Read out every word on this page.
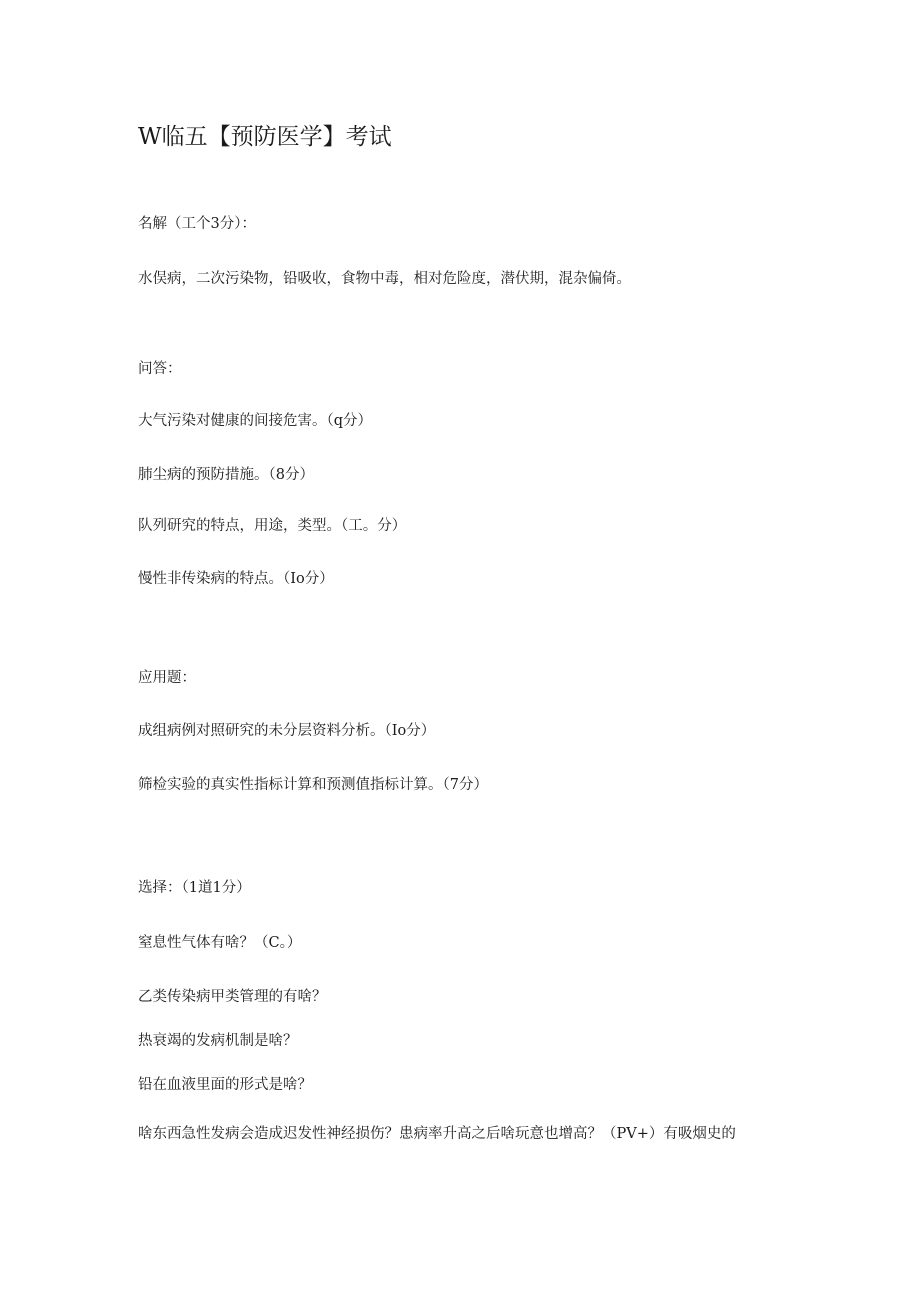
W临五【预防医学】考试
名解（工个3分）：
水俣病，二次污染物，铅吸收，食物中毒，相对危险度，潜伏期，混杂偏倚。
问答：
大气污染对健康的间接危害。（q分）
肺尘病的预防措施。（8分）
队列研究的特点，用途，类型。（工。分）
慢性非传染病的特点。（Io分）
应用题：
成组病例对照研究的未分层资料分析。（Io分）
筛检实验的真实性指标计算和预测值指标计算。（7分）
选择：（1道1分）
窒息性气体有啥？（C。）
乙类传染病甲类管理的有啥？
热衰竭的发病机制是啥？
铅在血液里面的形式是啥？
啥东西急性发病会造成迟发性神经损伤？患病率升高之后啥玩意也增高？（PV+）有吸烟史的
